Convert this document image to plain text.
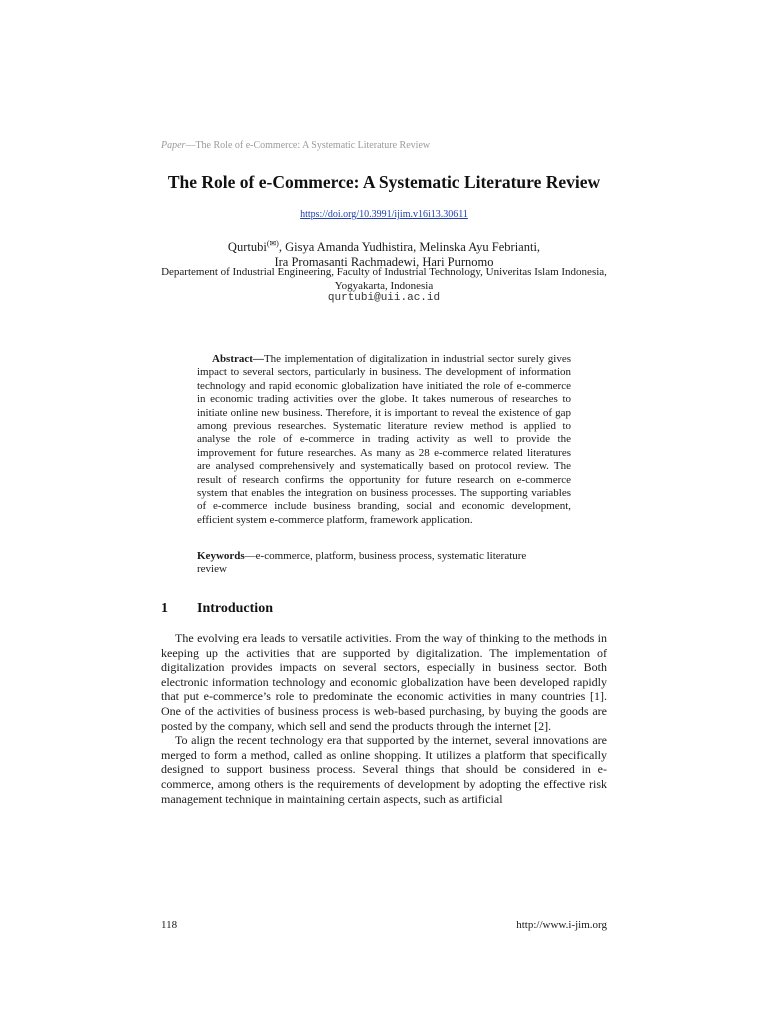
Paper—The Role of e-Commerce: A Systematic Literature Review
The Role of e-Commerce: A Systematic Literature Review
https://doi.org/10.3991/ijim.v16i13.30611
Qurtubi(✉), Gisya Amanda Yudhistira, Melinska Ayu Febrianti,
Ira Promasanti Rachmadewi, Hari Purnomo
Departement of Industrial Engineering, Faculty of Industrial Technology, Univeritas Islam Indonesia, Yogyakarta, Indonesia
qurtubi@uii.ac.id

Abstract—The implementation of digitalization in industrial sector surely gives impact to several sectors, particularly in business. The development of information technology and rapid economic globalization have initiated the role of e-commerce in economic trading activities over the globe. It takes numerous of researches to initiate online new business. Therefore, it is important to reveal the existence of gap among previous researches. Systematic literature review method is applied to analyse the role of e-commerce in trading activity as well to provide the improvement for future researches. As many as 28 e-commerce related literatures are analysed comprehensively and systematically based on protocol review. The result of research confirms the opportunity for future research on e-commerce system that enables the integration on business processes. The supporting variables of e-commerce include business branding, social and economic development, efficient system e-commerce platform, framework application.

Keywords—e-commerce, platform, business process, systematic literature review

1 Introduction

The evolving era leads to versatile activities. From the way of thinking to the methods in keeping up the activities that are supported by digitalization. The implementation of digitalization provides impacts on several sectors, especially in business sector. Both electronic information technology and economic globalization have been developed rapidly that put e-commerce’s role to predominate the economic activities in many countries [1]. One of the activities of business process is web-based purchasing, by buying the goods are posted by the company, which sell and send the products through the internet [2].

To align the recent technology era that supported by the internet, several innovations are merged to form a method, called as online shopping. It utilizes a platform that specifically designed to support business process. Several things that should be considered in e-commerce, among others is the requirements of development by adopting the effective risk management technique in maintaining certain aspects, such as artificial

118	http://www.i-jim.org
